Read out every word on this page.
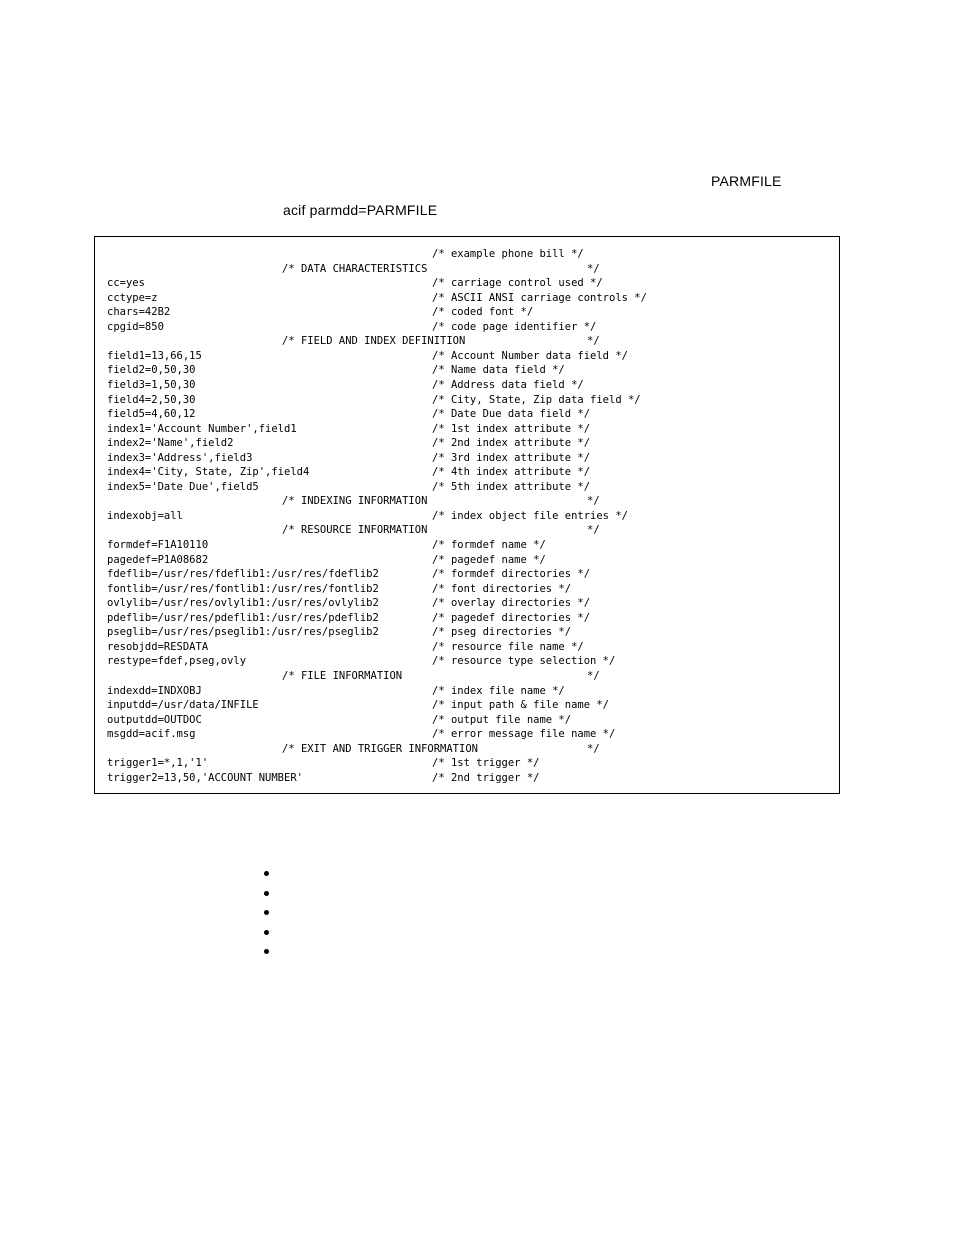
PARMFILE
acif parmdd=PARMFILE
/* example phone bill */
/* DATA CHARACTERISTICS	*/
cc=yes	/* carriage control used */
cctype=z	/* ASCII ANSI carriage controls */
chars=42B2	/* coded font */
cpgid=850	/* code page identifier */
/* FIELD AND INDEX DEFINITION	*/
field1=13,66,15	/* Account Number data field */
field2=0,50,30	/* Name data field */
field3=1,50,30	/* Address data field */
field4=2,50,30	/* City, State, Zip data field */
field5=4,60,12	/* Date Due data field */
index1='Account Number',field1	/* 1st index attribute */
index2='Name',field2	/* 2nd index attribute */
index3='Address',field3	/* 3rd index attribute */
index4='City, State, Zip',field4	/* 4th index attribute */
index5='Date Due',field5	/* 5th index attribute */
/* INDEXING INFORMATION	*/
indexobj=all	/* index object file entries */
/* RESOURCE INFORMATION	*/
formdef=F1A10110	/* formdef name */
pagedef=P1A08682	/* pagedef name */
fdeflib=/usr/res/fdeflib1:/usr/res/fdeflib2	/* formdef directories */
fontlib=/usr/res/fontlib1:/usr/res/fontlib2	/* font directories */
ovlylib=/usr/res/ovlylib1:/usr/res/ovlylib2	/* overlay directories */
pdeflib=/usr/res/pdeflib1:/usr/res/pdeflib2	/* pagedef directories */
pseglib=/usr/res/pseglib1:/usr/res/pseglib2	/* pseg directories */
resobjdd=RESDATA	/* resource file name */
restype=fdef,pseg,ovly	/* resource type selection */
/* FILE INFORMATION	*/
indexdd=INDXOBJ	/* index file name */
inputdd=/usr/data/INFILE	/* input path & file name */
outputdd=OUTDOC	/* output file name */
msgdd=acif.msg	/* error message file name */
/* EXIT AND TRIGGER INFORMATION	*/
trigger1=*,1,'1'	/* 1st trigger */
trigger2=13,50,'ACCOUNT NUMBER'	/* 2nd trigger */
